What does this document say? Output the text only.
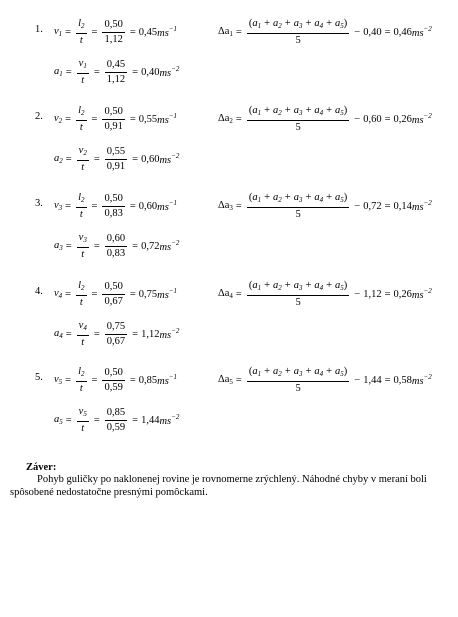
1. $v_1 = \frac{l_2}{t} = \frac{0,50}{1,12} = 0,45$ $ms^{-1}$	$\Delta a_1 = \frac{(a_1 + a_2 + a_3 + a_4 + a_5)}{5} - 0,40 = 0,46$ $ms^{-2}$
$a_1 = \frac{v_1}{t} = \frac{0,45}{1,12} = 0,40$ $ms^{-2}$
2. $v_2 = \frac{l_2}{t} = \frac{0,50}{0,91} = 0,55$ $ms^{-1}$	$\Delta a_2 = \frac{(a_1 + a_2 + a_3 + a_4 + a_5)}{5} - 0,60 = 0,26$ $ms^{-2}$
$a_2 = \frac{v_2}{t} = \frac{0,55}{0,91} = 0,60$ $ms^{-2}$
3. $v_3 = \frac{l_2}{t} = \frac{0,50}{0,83} = 0,60$ $ms^{-1}$	$\Delta a_3 = \frac{(a_1 + a_2 + a_3 + a_4 + a_5)}{5} - 0,72 = 0,14$ $ms^{-2}$
$a_3 = \frac{v_3}{t} = \frac{0,60}{0,83} = 0,72$ $ms^{-2}$
4. $v_4 = \frac{l_2}{t} = \frac{0,50}{0,67} = 0,75$ $ms^{-1}$	$\Delta a_4 = \frac{(a_1 + a_2 + a_3 + a_4 + a_5)}{5} - 1,12 = 0,26$ $ms^{-2}$
$a_4 = \frac{v_4}{t} = \frac{0,75}{0,67} = 1,12$ $ms^{-2}$
5. $v_5 = \frac{l_2}{t} = \frac{0,50}{0,59} = 0,85$ $ms^{-1}$	$\Delta a_5 = \frac{(a_1 + a_2 + a_3 + a_4 + a_5)}{5} - 1,44 = 0,58$ $ms^{-2}$
$a_5 = \frac{v_5}{t} = \frac{0,85}{0,59} = 1,44$ $ms^{-2}$
Záver:
Pohyb guličky po naklonenej rovine je rovnomerne zrýchlený. Náhodné chyby v meraní boli spôsobené nedostatočne presnými pomôckami.
